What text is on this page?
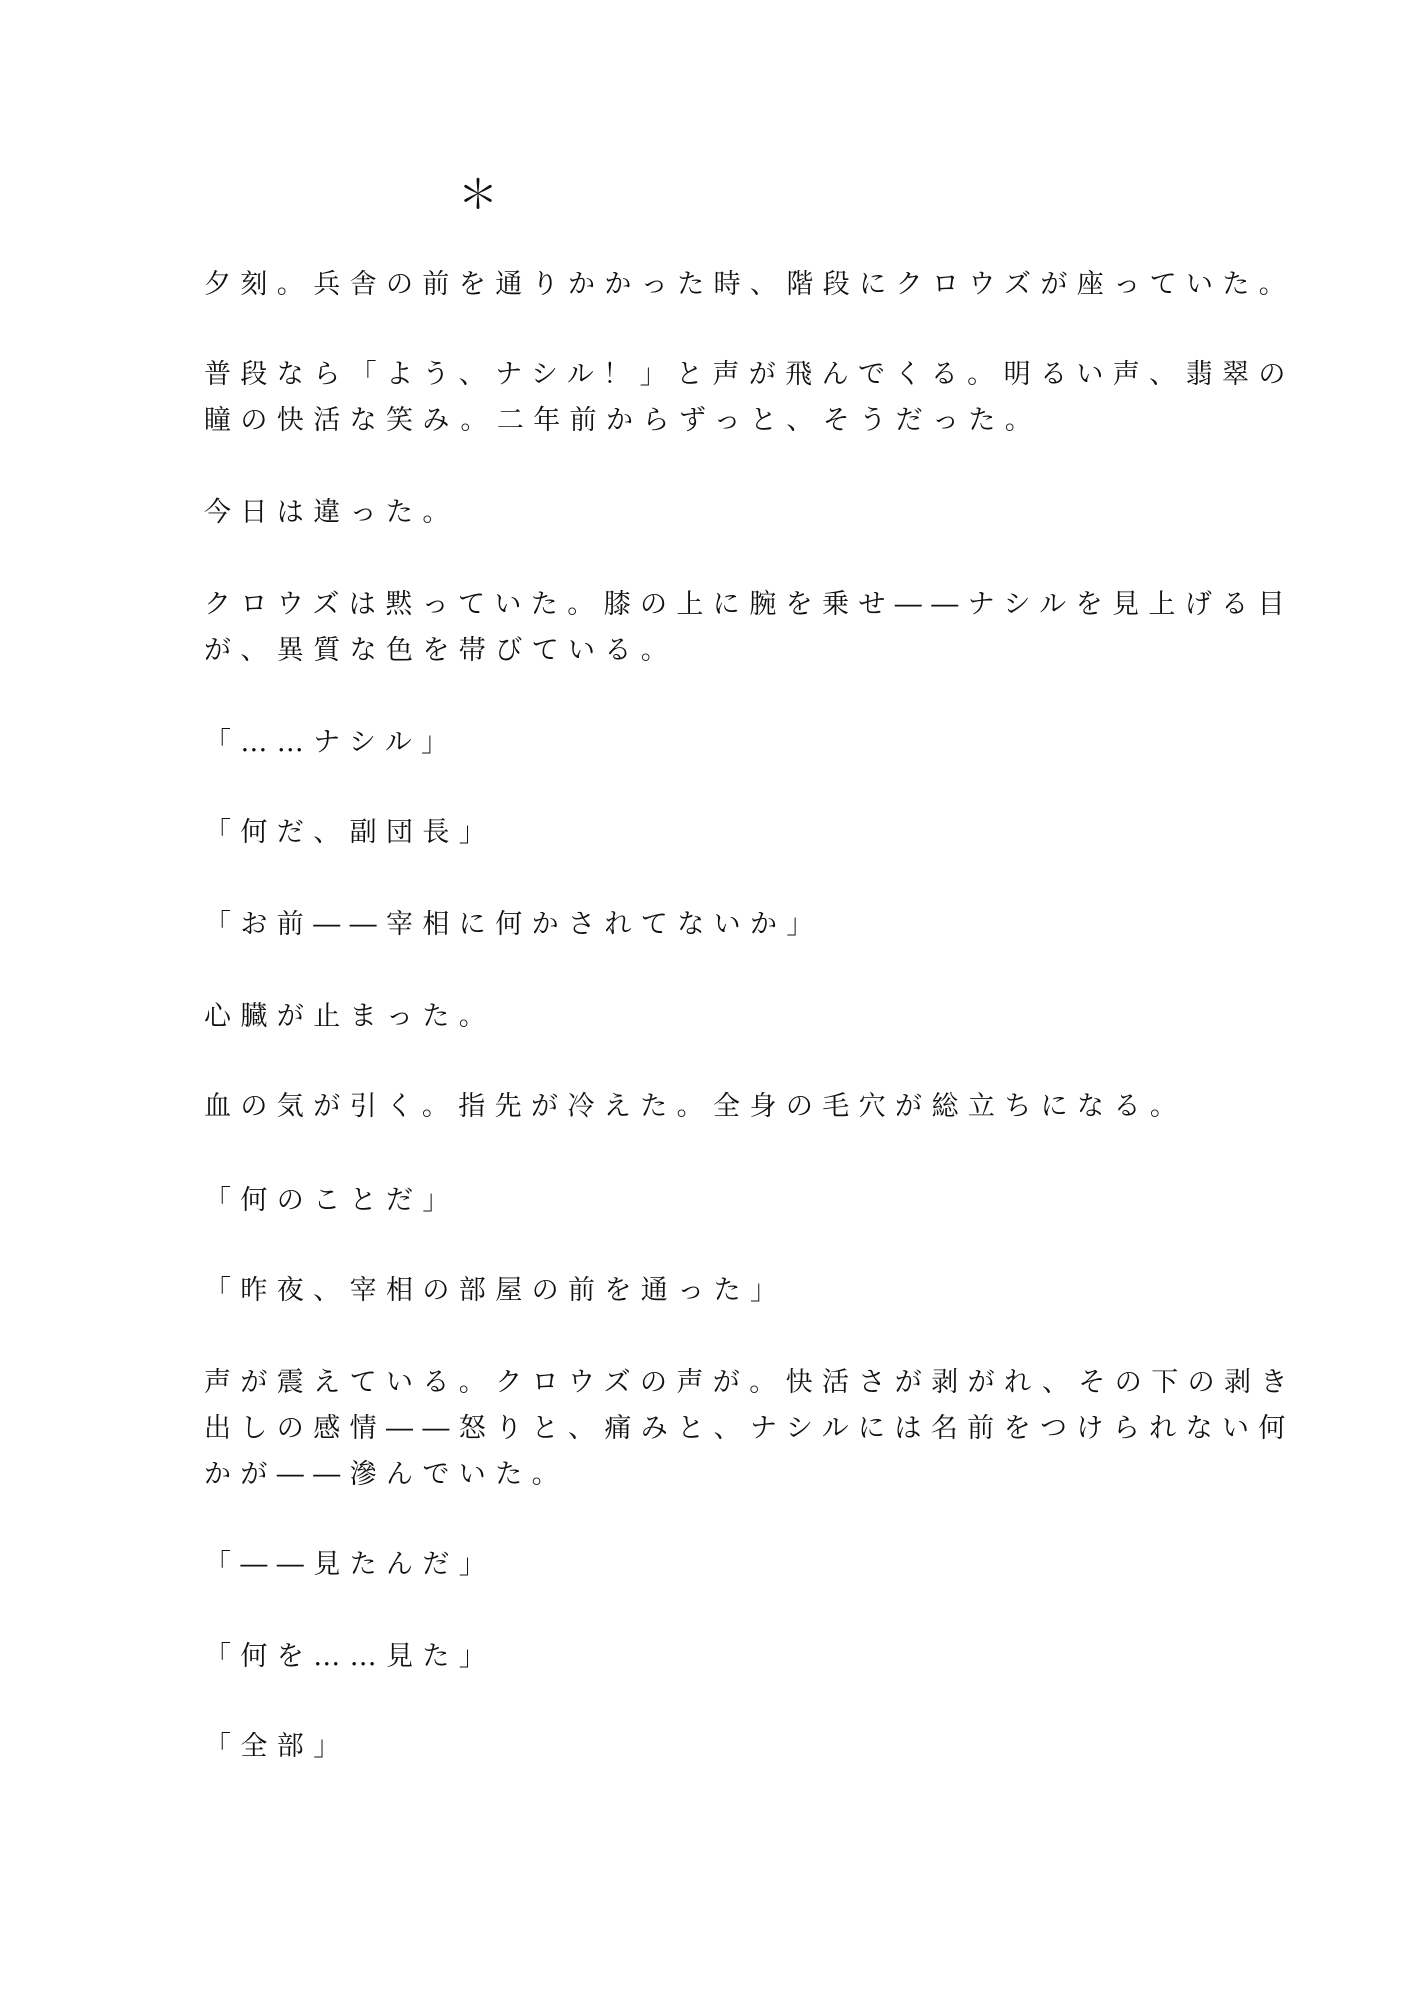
＊
夕刻。兵舎の前を通りかかった時、階段にクロウズが座っていた。
普段なら「よう、ナシル！」と声が飛んでくる。明るい声、翡翠の
瞳の快活な笑み。二年前からずっと、そうだった。
今日は違った。
クロウズは黙っていた。膝の上に腕を乗せ――ナシルを見上げる目
が、異質な色を帯びている。
「……ナシル」
「何だ、副団長」
「お前――宰相に何かされてないか」
心臓が止まった。
血の気が引く。指先が冷えた。全身の毛穴が総立ちになる。
「何のことだ」
「昨夜、宰相の部屋の前を通った」
声が震えている。クロウズの声が。快活さが剥がれ、その下の剥き
出しの感情――怒りと、痛みと、ナシルには名前をつけられない何
かが――滲んでいた。
「――見たんだ」
「何を……見た」
「全部」
